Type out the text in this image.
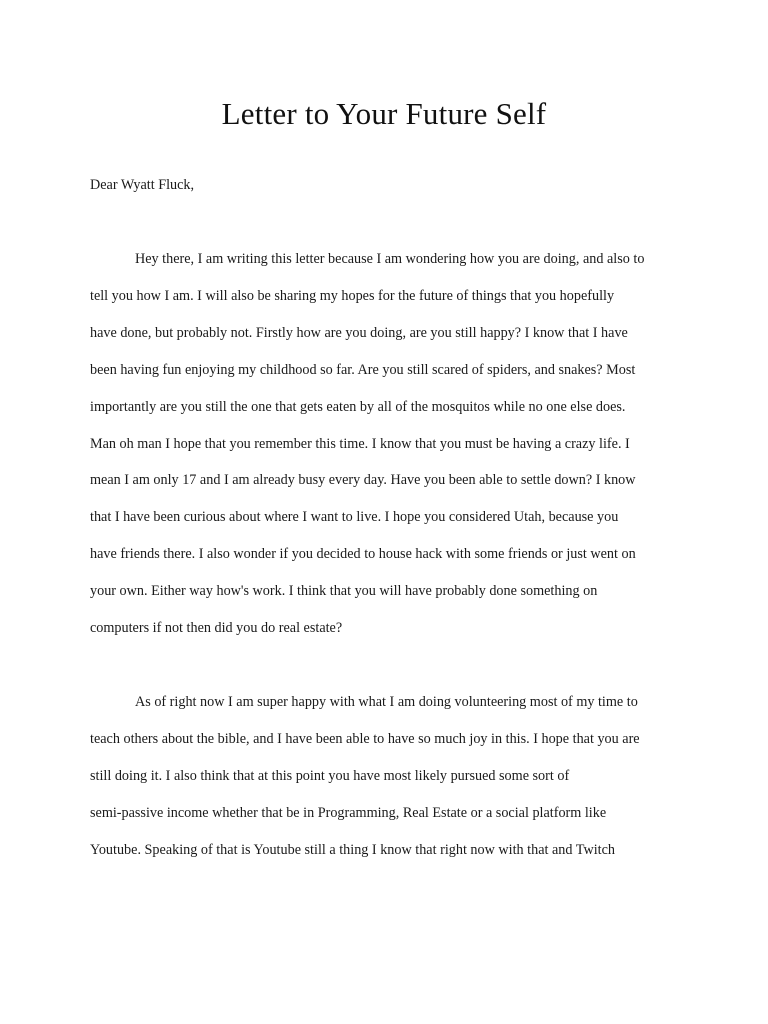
Letter to Your Future Self

Dear Wyatt Fluck,

Hey there, I am writing this letter because I am wondering how you are doing, and also to
tell you how I am. I will also be sharing my hopes for the future of things that you hopefully
have done, but probably not. Firstly how are you doing, are you still happy? I know that I have
been having fun enjoying my childhood so far. Are you still scared of spiders, and snakes? Most
importantly are you still the one that gets eaten by all of the mosquitos while no one else does.
Man oh man I hope that you remember this time. I know that you must be having a crazy life. I
mean I am only 17 and I am already busy every day. Have you been able to settle down? I know
that I have been curious about where I want to live. I hope you considered Utah, because you
have friends there. I also wonder if you decided to house hack with some friends or just went on
your own. Either way how's work. I think that you will have probably done something on
computers if not then did you do real estate?

As of right now I am super happy with what I am doing volunteering most of my time to
teach others about the bible, and I have been able to have so much joy in this. I hope that you are
still doing it. I also think that at this point you have most likely pursued some sort of
semi-passive income whether that be in Programming, Real Estate or a social platform like
Youtube. Speaking of that is Youtube still a thing I know that right now with that and Twitch
